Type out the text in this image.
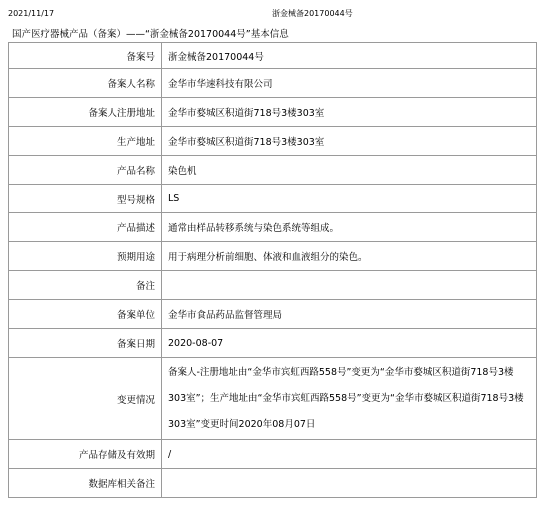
2021/11/17	浙金械备20170044号
国产医疗器械产品（备案）——“浙金械备20170044号”基本信息
备案号	浙金械备20170044号
备案人名称	金华市华速科技有限公司
备案人注册地址	金华市婺城区积道街718号3楼303室
生产地址	金华市婺城区积道街718号3楼303室
产品名称	染色机
型号规格	LS
产品描述	通常由样品转移系统与染色系统等组成。
预期用途	用于病理分析前细胞、体液和血液组分的染色。
备注	
备案单位	金华市食品药品监督管理局
备案日期	2020-08-07
变更情况	备案人-注册地址由“金华市宾虹西路558号”变更为“金华市婺城区积道街718号3楼303室”；生产地址由“金华市宾虹西路558号”变更为“金华市婺城区积道街718号3楼303室”变更时间2020年08月07日
产品存储及有效期	/
数据库相关备注	
